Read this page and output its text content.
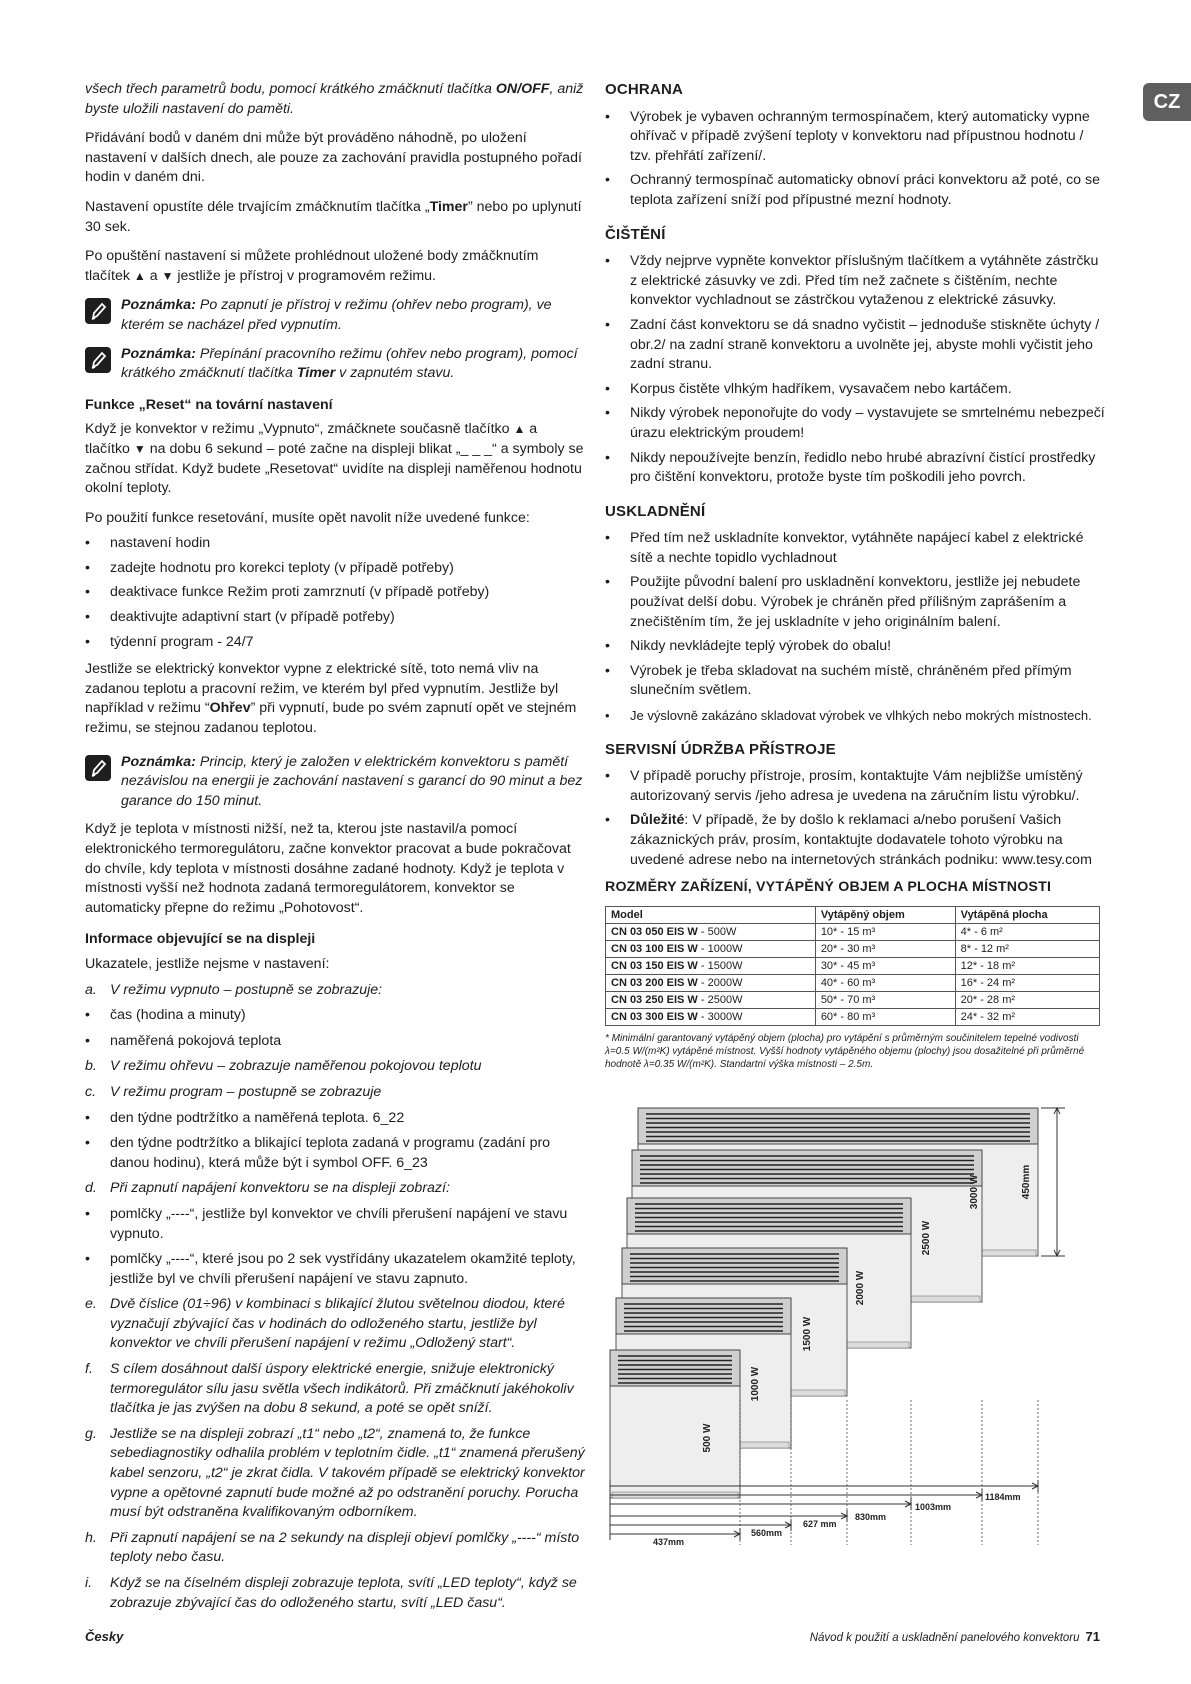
CZ

všech třech parametrů bodu, pomocí krátkého zmáčknutí tlačítka ON/OFF, aniž byste uložili nastavení do paměti.

Přidávání bodů v daném dni může být prováděno náhodně, po uložení nastavení v dalších dnech, ale pouze za zachování pravidla postupného pořadí hodin v daném dni.

Nastavení opustíte déle trvajícím zmáčknutím tlačítka „Timer” nebo po uplynutí 30 sek.

Po opuštění nastavení si můžete prohlédnout uložené body zmáčknutím tlačítek ▲ a ▼ jestliže je přístroj v programovém režimu.

Poznámka: Po zapnutí je přístroj v režimu (ohřev nebo program), ve kterém se nacházel před vypnutím.
Poznámka: Přepínání pracovního režimu (ohřev nebo program), pomocí krátkého zmáčknutí tlačítka Timer v zapnutém stavu.
Funkce „Reset“ na tovární nastavení

Když je konvektor v režimu „Vypnuto“, zmáčknete současně tlačítko ▲ a tlačítko ▼ na dobu 6 sekund – poté začne na displeji blikat „_ _ _“ a symboly se začnou střídat. Když budete „Resetovat“ uvidíte na displeji naměřenou hodnotu okolní teploty.

Po použití funkce resetování, musíte opět navolit níže uvedené funkce:

• nastavení hodin
• zadejte hodnotu pro korekci teploty (v případě potřeby)
• deaktivace funkce Režim proti zamrznutí (v případě potřeby)
• deaktivujte adaptivní start (v případě potřeby)
• týdenní program - 24/7

Jestliže se elektrický konvektor vypne z elektrické sítě, toto nemá vliv na zadanou teplotu a pracovní režim, ve kterém byl před vypnutím. Jestliže byl například v režimu “Ohřev” při vypnutí, bude po svém zapnutí opět ve stejném režimu, se stejnou zadanou teplotou.

Poznámka: Princip, který je založen v elektrickém konvektoru s pamětí nezávislou na energii je zachování nastavení s garancí do 90 minut a bez garance do 150 minut.

Když je teplota v místnosti nižší, než ta, kterou jste nastavil/a pomocí elektronického termoregulátoru, začne konvektor pracovat a bude pokračovat do chvíle, kdy teplota v místnosti dosáhne zadané hodnoty. Když je teplota v místnosti vyšší než hodnota zadaná termoregulátorem, konvektor se automaticky přepne do režimu „Pohotovost“.

Informace objevující se na displeji

Ukazatele, jestliže nejsme v nastavení:

a. V režimu vypnuto – postupně se zobrazuje:
• čas (hodina a minuty)
• naměřená pokojová teplota
b. V režimu ohřevu – zobrazuje naměřenou pokojovou teplotu
c. V režimu program – postupně se zobrazuje
• den týdne podtržítko a naměřená teplota. 6_22
• den týdne podtržítko a blikající teplota zadaná v programu (zadání pro danou hodinu), která může být i symbol OFF. 6_23
d. Při zapnutí napájení konvektoru se na displeji zobrazí:
• pomlčky „----“, jestliže byl konvektor ve chvíli přerušení napájení ve stavu vypnuto.
• pomlčky „----“, které jsou po 2 sek vystřídány ukazatelem okamžité teploty, jestliže byl ve chvíli přerušení napájení ve stavu zapnuto.
e. Dvě číslice (01÷96) v kombinaci s blikající žlutou světelnou diodou, které vyznačují zbývající čas v hodinách do odloženého startu, jestliže byl konvektor ve chvíli přerušení napájení v režimu „Odložený start“.
f. S cílem dosáhnout další úspory elektrické energie, snižuje elektronický termoregulátor sílu jasu světla všech indikátorů. Při zmáčknutí jakéhokoliv tlačítka je jas zvýšen na dobu 8 sekund, a poté se opět sníží.
g. Jestliže se na displeji zobrazí „t1“ nebo „t2“, znamená to, že funkce sebediagnostiky odhalila problém v teplotním čidle. „t1“ znamená přerušený kabel senzoru, „t2“ je zkrat čidla. V takovém případě se elektrický konvektor vypne a opětovné zapnutí bude možné až po odstranění poruchy. Porucha musí být odstraněna kvalifikovaným odborníkem.
h. Při zapnutí napájení se na 2 sekundy na displeji objeví pomlčky „----“ místo teploty nebo času.
i. Když se na číselném displeji zobrazuje teplota, svítí „LED teploty“, když se zobrazuje zbývající čas do odloženého startu, svítí „LED času“.
OCHRANA
• Výrobek je vybaven ochranným termospínačem, který automaticky vypne ohřívač v případě zvýšení teploty v konvektoru nad přípustnou hodnotu / tzv. přehřátí zařízení/.
• Ochranný termospínač automaticky obnoví práci konvektoru až poté, co se teplota zařízení sníží pod přípustné mezní hodnoty.
ČIŠTĚNÍ
• Vždy nejprve vypněte konvektor příslušným tlačítkem a vytáhněte zástrčku z elektrické zásuvky ve zdi. Před tím než začnete s čištěním, nechte konvektor vychladnout se zástrčkou vytaženou z elektrické zásuvky.
• Zadní část konvektoru se dá snadno vyčistit – jednoduše stiskněte úchyty / obr.2/ na zadní straně konvektoru a uvolněte jej, abyste mohli vyčistit jeho zadní stranu.
• Korpus čistěte vlhkým hadříkem, vysavačem nebo kartáčem.
• Nikdy výrobek neponořujte do vody – vystavujete se smrtelnému nebezpečí úrazu elektrickým proudem!
• Nikdy nepoužívejte benzín, ředidlo nebo hrubé abrazívní čistící prostředky pro čištění konvektoru, protože byste tím poškodili jeho povrch.
USKLADNĚNÍ
• Před tím než uskladníte konvektor, vytáhněte napájecí kabel z elektrické sítě a nechte topidlo vychladnout
• Použijte původní balení pro uskladnění konvektoru, jestliže jej nebudete používat delší dobu. Výrobek je chráněn před přílišným zaprášením a znečištěním tím, že jej uskladníte v jeho originálním balení.
• Nikdy nevkládejte teplý výrobek do obalu!
• Výrobek je třeba skladovat na suchém místě, chráněném před přímým slunečním světlem.
• Je výslovně zakázáno skladovat výrobek ve vlhkých nebo mokrých místnostech.
SERVISNÍ ÚDRŽBA PŘÍSTROJE
• V případě poruchy přístroje, prosím, kontaktujte Vám nejbližše umístěný autorizovaný servis /jeho adresa je uvedena na záručním listu výrobku/.
• Důležité: V případě, že by došlo k reklamaci a/nebo porušení Vašich zákaznických práv, prosím, kontaktujte dodavatele tohoto výrobku na uvedené adrese nebo na internetových stránkách podniku: www.tesy.com
ROZMĚRY ZAŘÍZENÍ, VYTÁPĚNÝ OBJEM A PLOCHA MÍSTNOSTI
Model	Vytápěný objem	Vytápěná plocha
CN 03 050 EIS W - 500W	10* - 15 m³	4* - 6 m²
CN 03 100 EIS W - 1000W	20* - 30 m³	8* - 12 m²
CN 03 150 EIS W - 1500W	30* - 45 m³	12* - 18 m²
CN 03 200 EIS W - 2000W	40* - 60 m³	16* - 24 m²
CN 03 250 EIS W - 2500W	50* - 70 m³	20* - 28 m²
CN 03 300 EIS W - 3000W	60* - 80 m³	24* - 32 m²
* Minimální garantovaný vytápěný objem (plocha) pro vytápění s průměrným součinitelem tepelné vodivosti λ=0.5 W/(m²K) vytápěné místnost. Vyšší hodnoty vytápěného objemu (plochy) jsou dosažitelné při průměrné hodnotě λ=0.35 W/(m²K). Standartní výška místnosti – 2.5m.
3000 W
2500 W
2000 W
1500 W
1000 W
500 W
450mm
437mm
560mm
627 mm
830mm
1003mm
1184mm
Česky	Návod k použití a uskladnění panelového konvektoru 71
